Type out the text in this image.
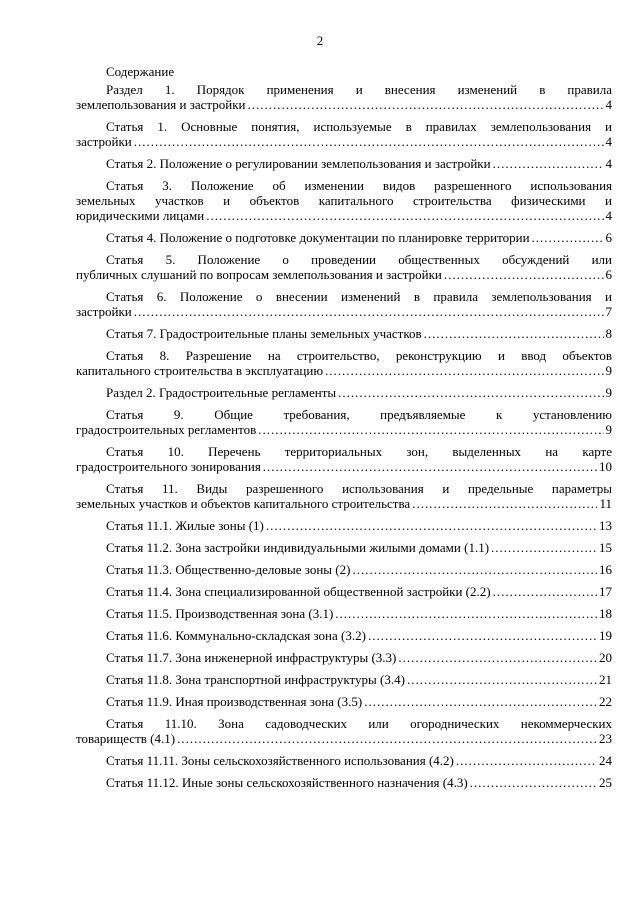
2
Содержание
Раздел 1. Порядок применения и внесения изменений в правила
землепользования и застройки .....	4
Статья 1. Основные понятия, используемые в правилах землепользования и
застройки .....	4
Статья 2. Положение о регулировании землепользования и застройки .....	4
Статья 3. Положение об изменении видов разрешенного использования
земельных участков и объектов капитального строительства физическими и
юридическими лицами .....	4
Статья 4. Положение о подготовке документации по планировке территории .....	6
Статья 5. Положение о проведении общественных обсуждений или
публичных слушаний по вопросам землепользования и застройки .....	6
Статья 6. Положение о внесении изменений в правила землепользования и
застройки .....	7
Статья 7. Градостроительные планы земельных участков .....	8
Статья 8. Разрешение на строительство, реконструкцию и ввод объектов
капитального строительства в эксплуатацию .....	9
Раздел 2. Градостроительные регламенты .....	9
Статья 9. Общие требования, предъявляемые к установлению
градостроительных регламентов .....	9
Статья 10. Перечень территориальных зон, выделенных на карте
градостроительного зонирования .....	10
Статья 11. Виды разрешенного использования и предельные параметры
земельных участков и объектов капитального строительства .....	11
Статья 11.1. Жилые зоны (1) .....	13
Статья 11.2. Зона застройки индивидуальными жилыми домами (1.1) .....	15
Статья 11.3. Общественно-деловые зоны (2) .....	16
Статья 11.4. Зона специализированной общественной застройки (2.2) .....	17
Статья 11.5. Производственная зона (3.1) .....	18
Статья 11.6. Коммунально-складская зона (3.2) .....	19
Статья 11.7. Зона инженерной инфраструктуры (3.3) .....	20
Статья 11.8. Зона транспортной инфраструктуры (3.4) .....	21
Статья 11.9. Иная производственная зона (3.5) .....	22
Статья 11.10. Зона садоводческих или огороднических некоммерческих
товариществ (4.1) .....	23
Статья 11.11. Зоны сельскохозяйственного использования (4.2) .....	24
Статья 11.12. Иные зоны сельскохозяйственного назначения (4.3) .....	25
